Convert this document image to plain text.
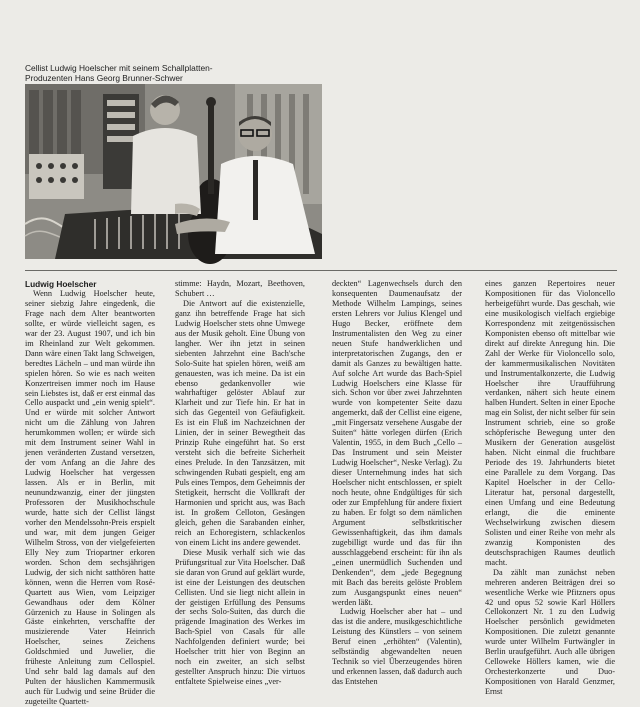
Cellist Ludwig Hoelscher mit seinem Schallplatten-
Produzenten Hans Georg Brunner-Schwer
Ludwig Hoelscher

Wenn Ludwig Hoelscher heute, seiner siebzig Jahre eingedenk, die Frage nach dem Alter beantworten sollte, er würde vielleicht sagen, es war der 23. August 1907, und ich bin im Rheinland zur Welt gekommen. Dann wäre einen Takt lang Schweigen, beredtes Lächeln – und man würde ihn spielen hören. So wie es nach weiten Konzertreisen immer noch im Hause sein Liebstes ist, daß er erst einmal das Cello auspackt und „ein wenig spielt“. Und er würde mit solcher Antwort nicht um die Zählung von Jahren herumkommen wollen; er würde sich mit dem Instrument seiner Wahl in jenen veränderten Zustand versetzen, der vom Anfang an die Jahre des Ludwig Hoelscher hat vergessen lassen. Als er in Berlin, mit neunundzwanzig, einer der jüngsten Professoren der Musikhochschule wurde, hatte sich der Cellist längst vorher den Mendelssohn-Preis erspielt und war, mit dem jungen Geiger Wilhelm Stross, von der vielgefeierten Elly Ney zum Triopartner erkoren worden. Schon dem sechsjährigen Ludwig, der sich nicht satthören hatte können, wenn die Herren vom Rosé-Quartett aus Wien, vom Leipziger Gewandhaus oder dem Kölner Gürzenich zu Hause in Solingen als Gäste einkehrten, verschaffte der musizierende Vater Heinrich Hoelscher, seines Zeichens Goldschmied und Juwelier, die früheste Anleitung zum Cellospiel. Und sehr bald lag damals auf den Pulten der häuslichen Kammermusik auch für Ludwig und seine Brüder die zugeteilte Quartett-

stimme: Haydn, Mozart, Beethoven, Schubert …

Die Antwort auf die existenzielle, ganz ihn betreffende Frage hat sich Ludwig Hoelscher stets ohne Umwege aus der Musik geholt. Eine Übung von langher. Wer ihn jetzt in seinen siebenten Jahrzehnt eine Bach'sche Solo-Suite hat spielen hören, weiß am genauesten, was ich meine. Da ist ein ebenso gedankenvoller wie wahrhaftiger gelöster Ablauf zur Klarheit und zur Tiefe hin. Er hat in sich das Gegenteil von Gefäufigkeit. Es ist ein Fluß im Nachzeichnen der Linien, der in seiner Bewegtheit das Prinzip Ruhe eingeführt hat. So erst versteht sich die befreite Sicherheit eines Prelude. In den Tanzsätzen, mit schwingenden Rubati gespielt, eng am Puls eines Tempos, dem Geheimnis der Stetigkeit, herrscht die Vollkraft der Harmonien und spricht aus, was Bach ist. In großem Celloton, Gesängen gleich, gehen die Sarabanden einher, reich an Echoregistern, schlackenlos von einem Licht ins andere gewendet.

Diese Musik verhalf sich wie das Prüfungsritual zur Vita Hoelscher. Daß sie daran von Grund auf geklärt wurde, ist eine der Leistungen des deutschen Cellisten. Und sie liegt nicht allein in der geistigen Erfüllung des Pensums der sechs Solo-Suiten, das durch die prägende Imagination des Werkes im Bach-Spiel von Casals für alle Nachfolgenden definiert wurde; bei Hoelscher tritt hier von Beginn an noch ein zweiter, an sich selbst gestellter Anspruch hinzu: Die virtuos entfaltete Spielweise eines „ver-

deckten“ Lagenwechsels durch den konsequenten Daumenaufsatz der Methode Wilhelm Lampings, seines ersten Lehrers vor Julius Klengel und Hugo Becker, eröffnete dem Instrumentalisten den Weg zu einer neuen Stufe handwerklichen und interpretatorischen Zugangs, den er damit als Ganzes zu bewältigen hatte. Auf solche Art wurde das Bach-Spiel Ludwig Hoelschers eine Klasse für sich. Schon vor über zwei Jahrzehnten wurde von kompetenter Seite dazu angemerkt, daß der Cellist eine eigene, „mit Fingersatz versehene Ausgabe der Suiten“ hätte vorlegen dürfen (Erich Valentin, 1955, in dem Buch „Cello – Das Instrument und sein Meister Ludwig Hoelscher“, Neske Verlag). Zu dieser Unternehmung indes hat sich Hoelscher nicht entschlossen, er spielt noch heute, ohne Endgültiges für sich oder zur Empfehlung für andere fixiert zu haben. Er folgt so dem nämlichen Argument selbstkritischer Gewissenhaftigkeit, das ihm damals zugebilligt wurde und das für ihn ausschlaggebend erscheint: für ihn als „einen unermüdlich Suchenden und Denkenden“, dem „jede Begegnung mit Bach das bereits gelöste Problem zum Ausgangspunkt eines neuen“ werden läßt.

Ludwig Hoelscher aber hat – und das ist die andere, musikgeschichtliche Leistung des Künstlers – von seinem Beruf einen „erhöhten“ (Valentin), selbständig abgewandelten neuen Technik so viel Überzeugendes hören und erkennen lassen, daß dadurch auch das Entstehen

eines ganzen Repertoires neuer Kompositionen für das Violoncello herbeigeführt wurde. Das geschah, wie eine musikologisch vielfach ergiebige Korrespondenz mit zeitgenössischen Komponisten ebenso oft mittelbar wie direkt auf direkte Anregung hin. Die Zahl der Werke für Violoncello solo, der kammermusikalischen Novitäten und Instrumentalkonzerte, die Ludwig Hoelscher ihre Uraufführung verdanken, nähert sich heute einem halben Hundert. Selten in einer Epoche mag ein Solist, der nicht selber für sein Instrument schrieb, eine so große schöpferische Bewegung unter den Musikern der Generation ausgelöst haben. Nicht einmal die fruchtbare Periode des 19. Jahrhunderts bietet eine Parallele zu dem Vorgang. Das Kapitel Hoelscher in der Cello-Literatur hat, personal dargestellt, einen Umfang und eine Bedeutung erlangt, die die eminente Wechselwirkung zwischen diesem Solisten und einer Reihe von mehr als zwanzig Komponisten des deutschsprachigen Raumes deutlich macht.

Da zählt man zunächst neben mehreren anderen Beiträgen drei so wesentliche Werke wie Pfitzners opus 42 und opus 52 sowie Karl Höllers Cellokonzert Nr. 1 zu den Ludwig Hoelscher persönlich gewidmeten Kompositionen. Die zuletzt genannte wurde unter Wilhelm Furtwängler in Berlin uraufgeführt. Auch alle übrigen Celloweke Höllers kamen, wie die Orchesterkonzerte und Duo-Kompositionen von Harald Genzmer, Ernst
